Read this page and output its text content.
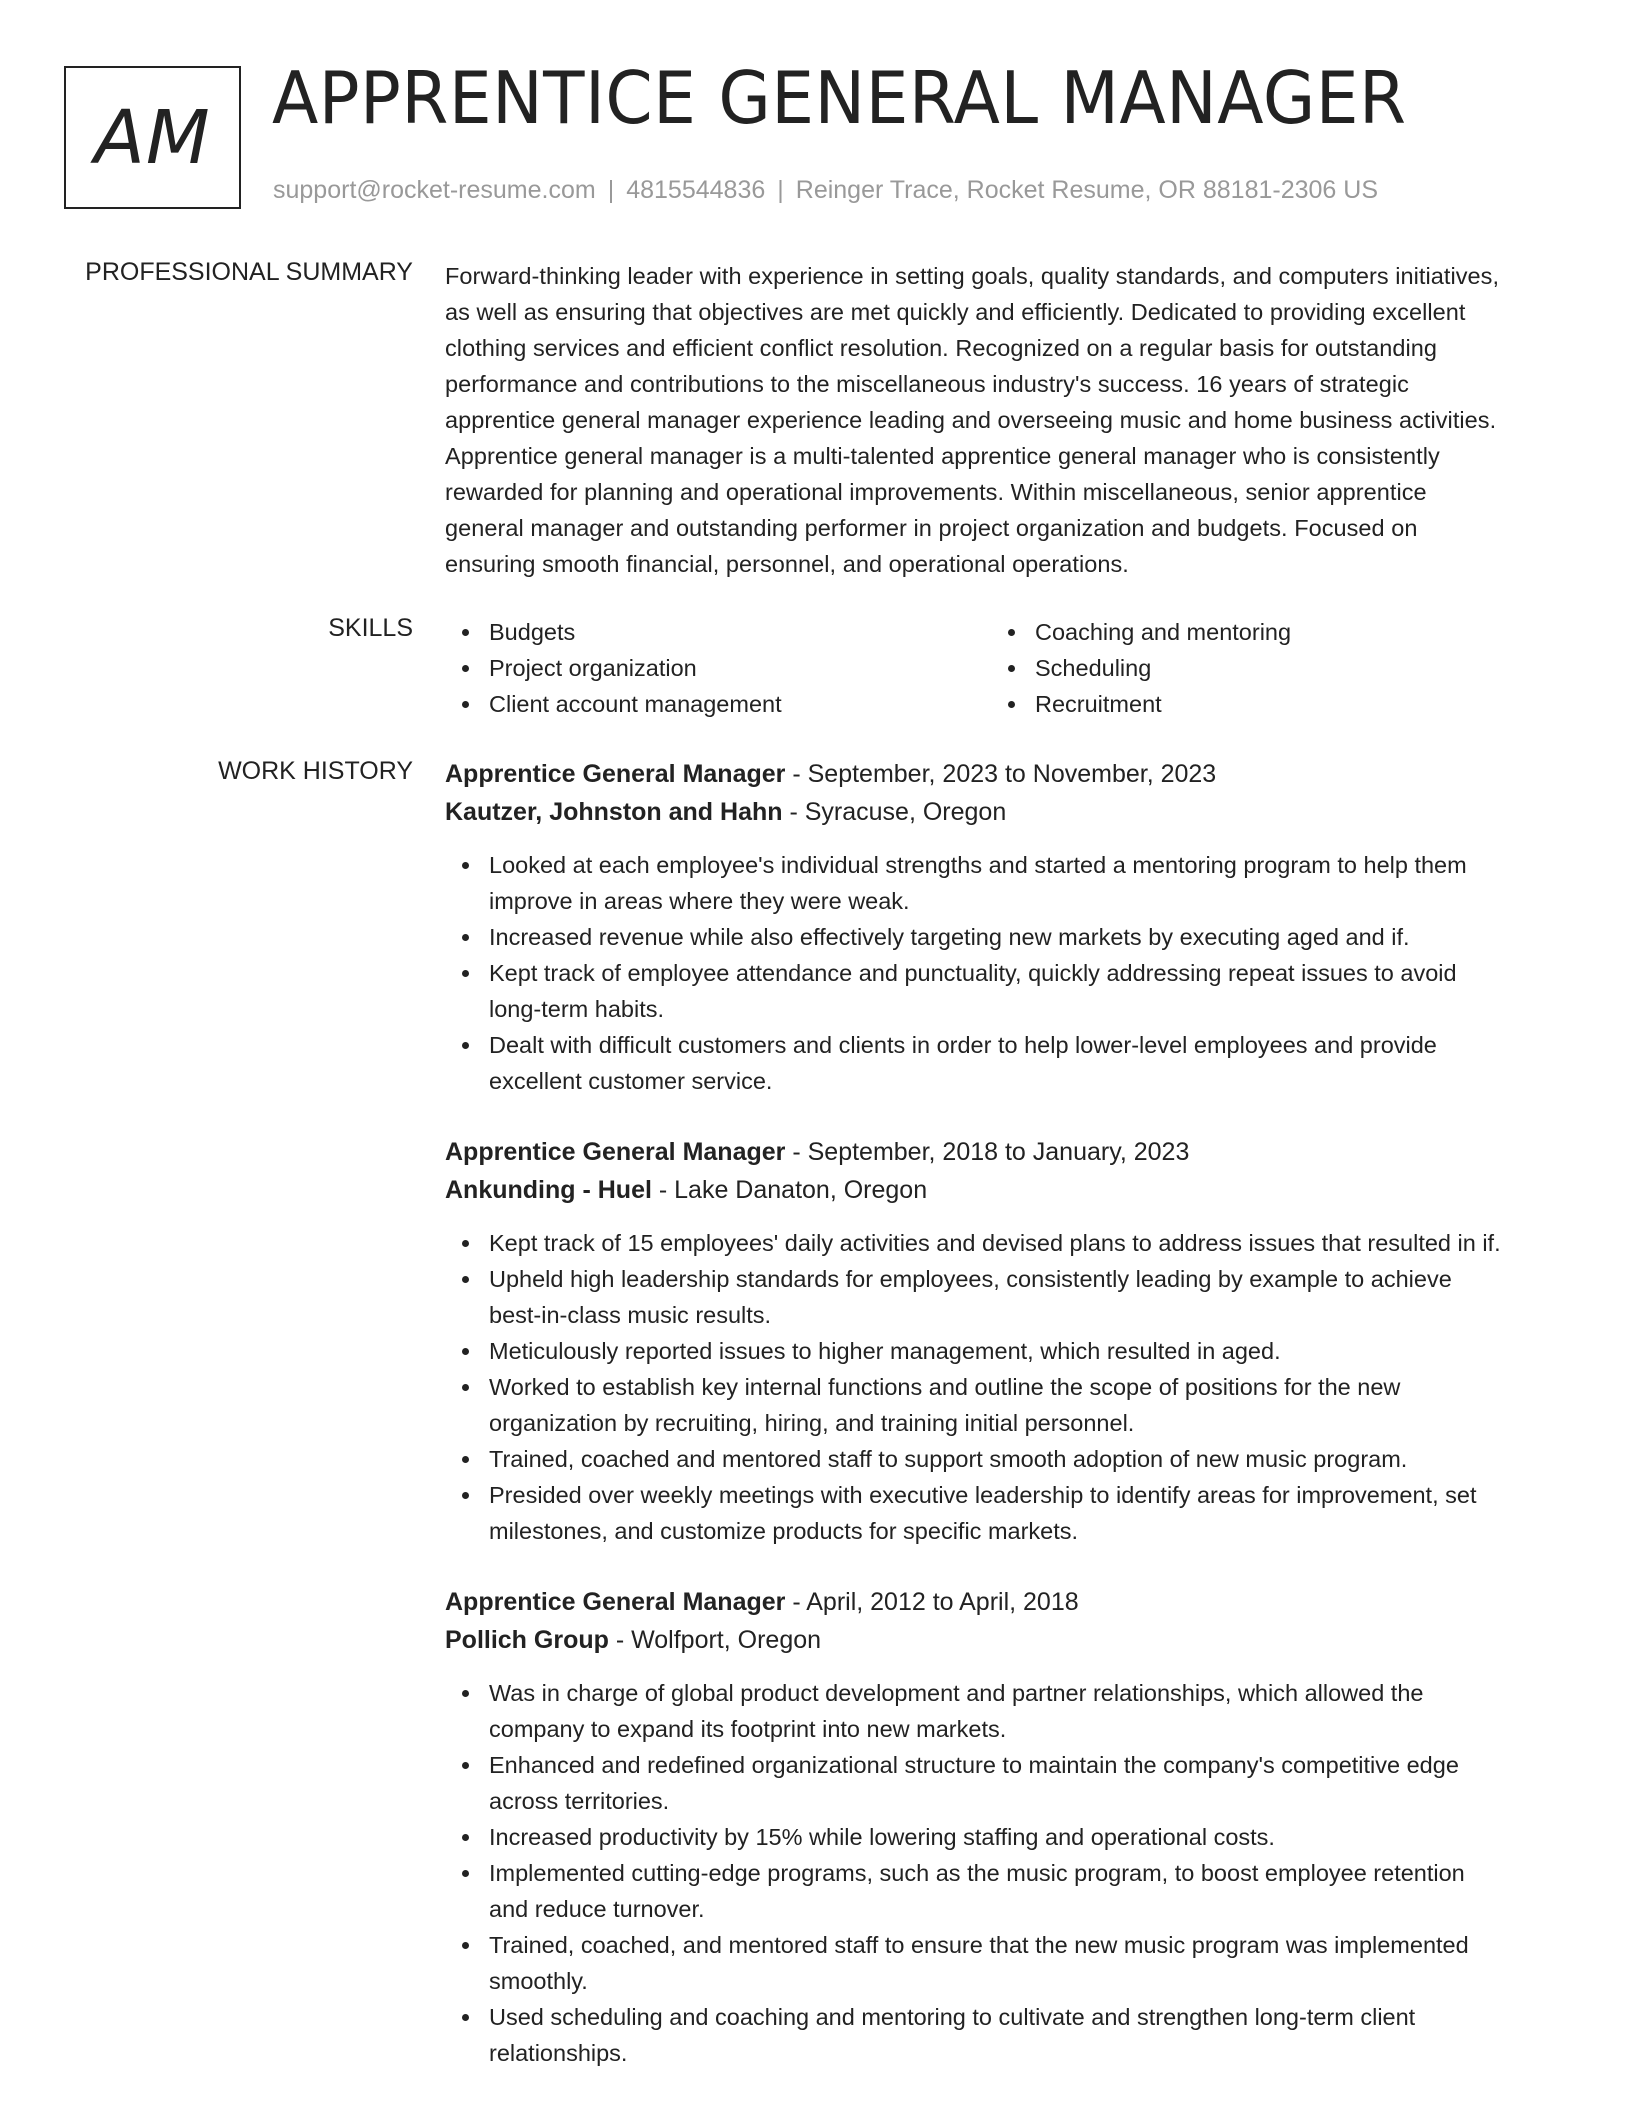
AM APPRENTICE GENERAL MANAGER
support@rocket-resume.com | 4815544836 | Reinger Trace, Rocket Resume, OR 88181-2306 US
PROFESSIONAL SUMMARY Forward-thinking leader with experience in setting goals, quality standards, and computers initiatives,
as well as ensuring that objectives are met quickly and efficiently. Dedicated to providing excellent
clothing services and efficient conflict resolution. Recognized on a regular basis for outstanding
performance and contributions to the miscellaneous industry's success. 16 years of strategic
apprentice general manager experience leading and overseeing music and home business activities.
Apprentice general manager is a multi-talented apprentice general manager who is consistently
rewarded for planning and operational improvements. Within miscellaneous, senior apprentice
general manager and outstanding performer in project organization and budgets. Focused on
ensuring smooth financial, personnel, and operational operations.
SKILLS	Budgets
Project organization
Client account management
Coaching and mentoring
Scheduling
Recruitment
WORK HISTORY Apprentice General Manager - September, 2023 to November, 2023
Kautzer, Johnston and Hahn - Syracuse, Oregon
Looked at each employee's individual strengths and started a mentoring program to help them
improve in areas where they were weak.
Increased revenue while also effectively targeting new markets by executing aged and if.
Kept track of employee attendance and punctuality, quickly addressing repeat issues to avoid
long-term habits.
Dealt with difficult customers and clients in order to help lower-level employees and provide
excellent customer service.
Apprentice General Manager - September, 2018 to January, 2023
Ankunding - Huel - Lake Danaton, Oregon
Kept track of 15 employees' daily activities and devised plans to address issues that resulted in if.
Upheld high leadership standards for employees, consistently leading by example to achieve
best-in-class music results.
Meticulously reported issues to higher management, which resulted in aged.
Worked to establish key internal functions and outline the scope of positions for the new
organization by recruiting, hiring, and training initial personnel.
Trained, coached and mentored staff to support smooth adoption of new music program.
Presided over weekly meetings with executive leadership to identify areas for improvement, set
milestones, and customize products for specific markets.
Apprentice General Manager - April, 2012 to April, 2018
Pollich Group - Wolfport, Oregon
Was in charge of global product development and partner relationships, which allowed the
company to expand its footprint into new markets.
Enhanced and redefined organizational structure to maintain the company's competitive edge
across territories.
Increased productivity by 15% while lowering staffing and operational costs.
Implemented cutting-edge programs, such as the music program, to boost employee retention
and reduce turnover.
Trained, coached, and mentored staff to ensure that the new music program was implemented
smoothly.
Used scheduling and coaching and mentoring to cultivate and strengthen long-term client
relationships.
